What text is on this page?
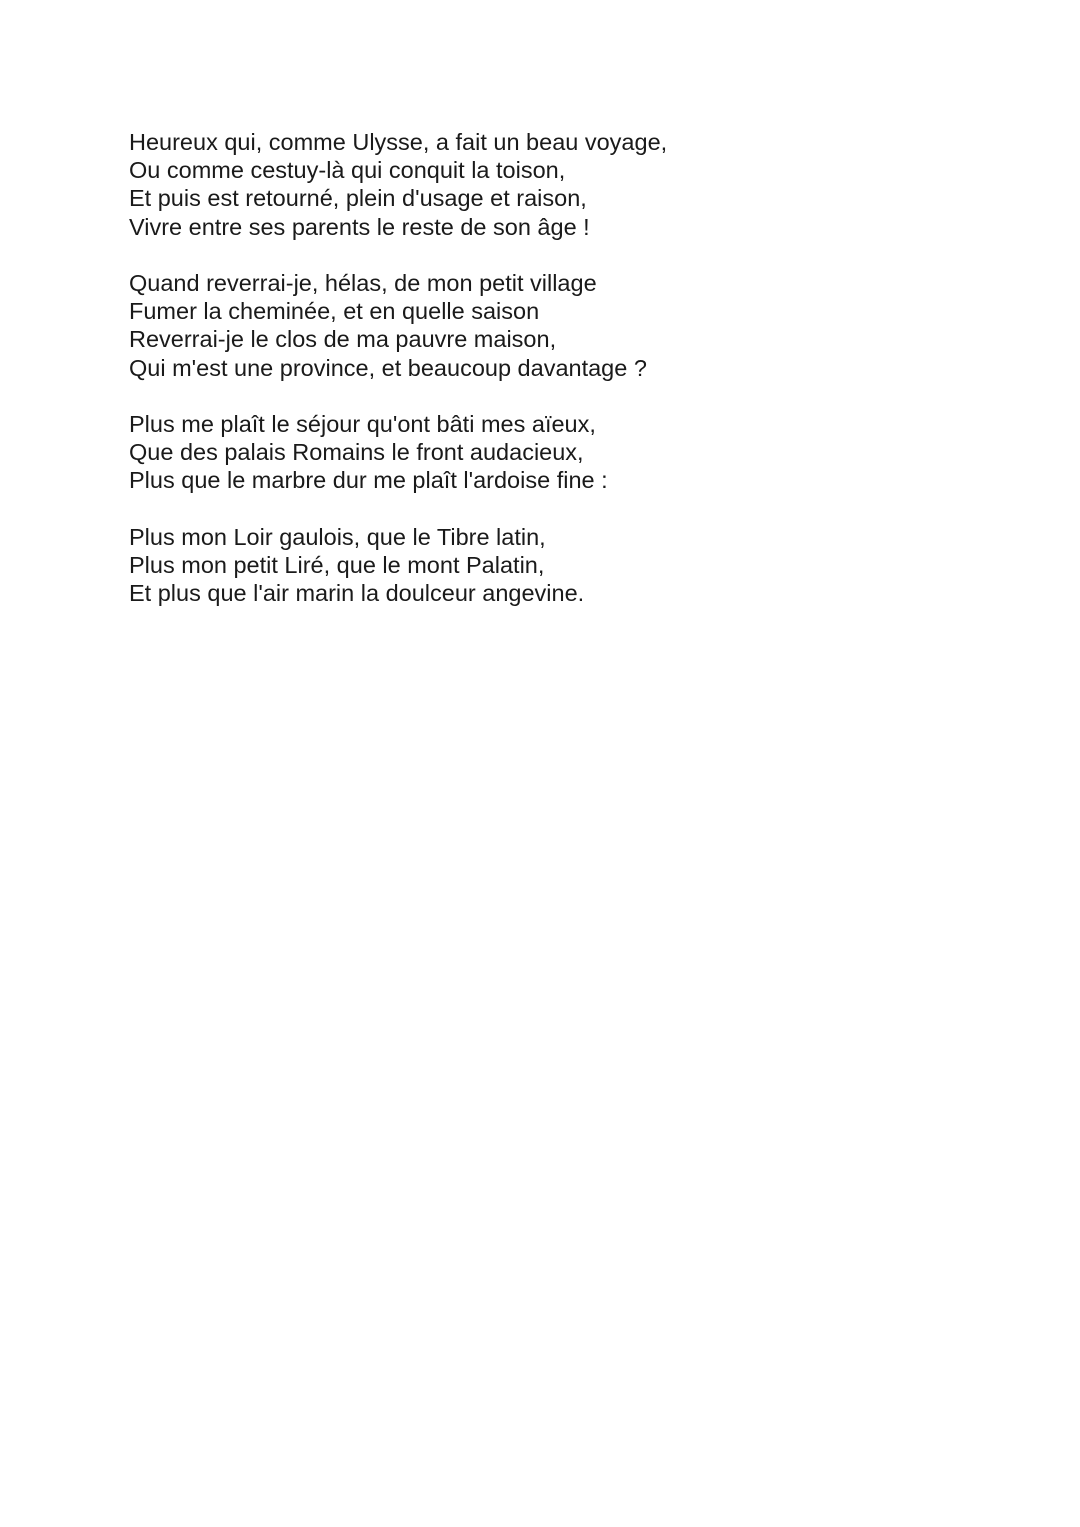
Heureux qui, comme Ulysse, a fait un beau voyage,
Ou comme cestuy-là qui conquit la toison,
Et puis est retourné, plein d'usage et raison,
Vivre entre ses parents le reste de son âge !
Quand reverrai-je, hélas, de mon petit village
Fumer la cheminée, et en quelle saison
Reverrai-je le clos de ma pauvre maison,
Qui m'est une province, et beaucoup davantage ?
Plus me plaît le séjour qu'ont bâti mes aïeux,
Que des palais Romains le front audacieux,
Plus que le marbre dur me plaît l'ardoise fine :
Plus mon Loir gaulois, que le Tibre latin,
Plus mon petit Liré, que le mont Palatin,
Et plus que l'air marin la doulceur angevine.
